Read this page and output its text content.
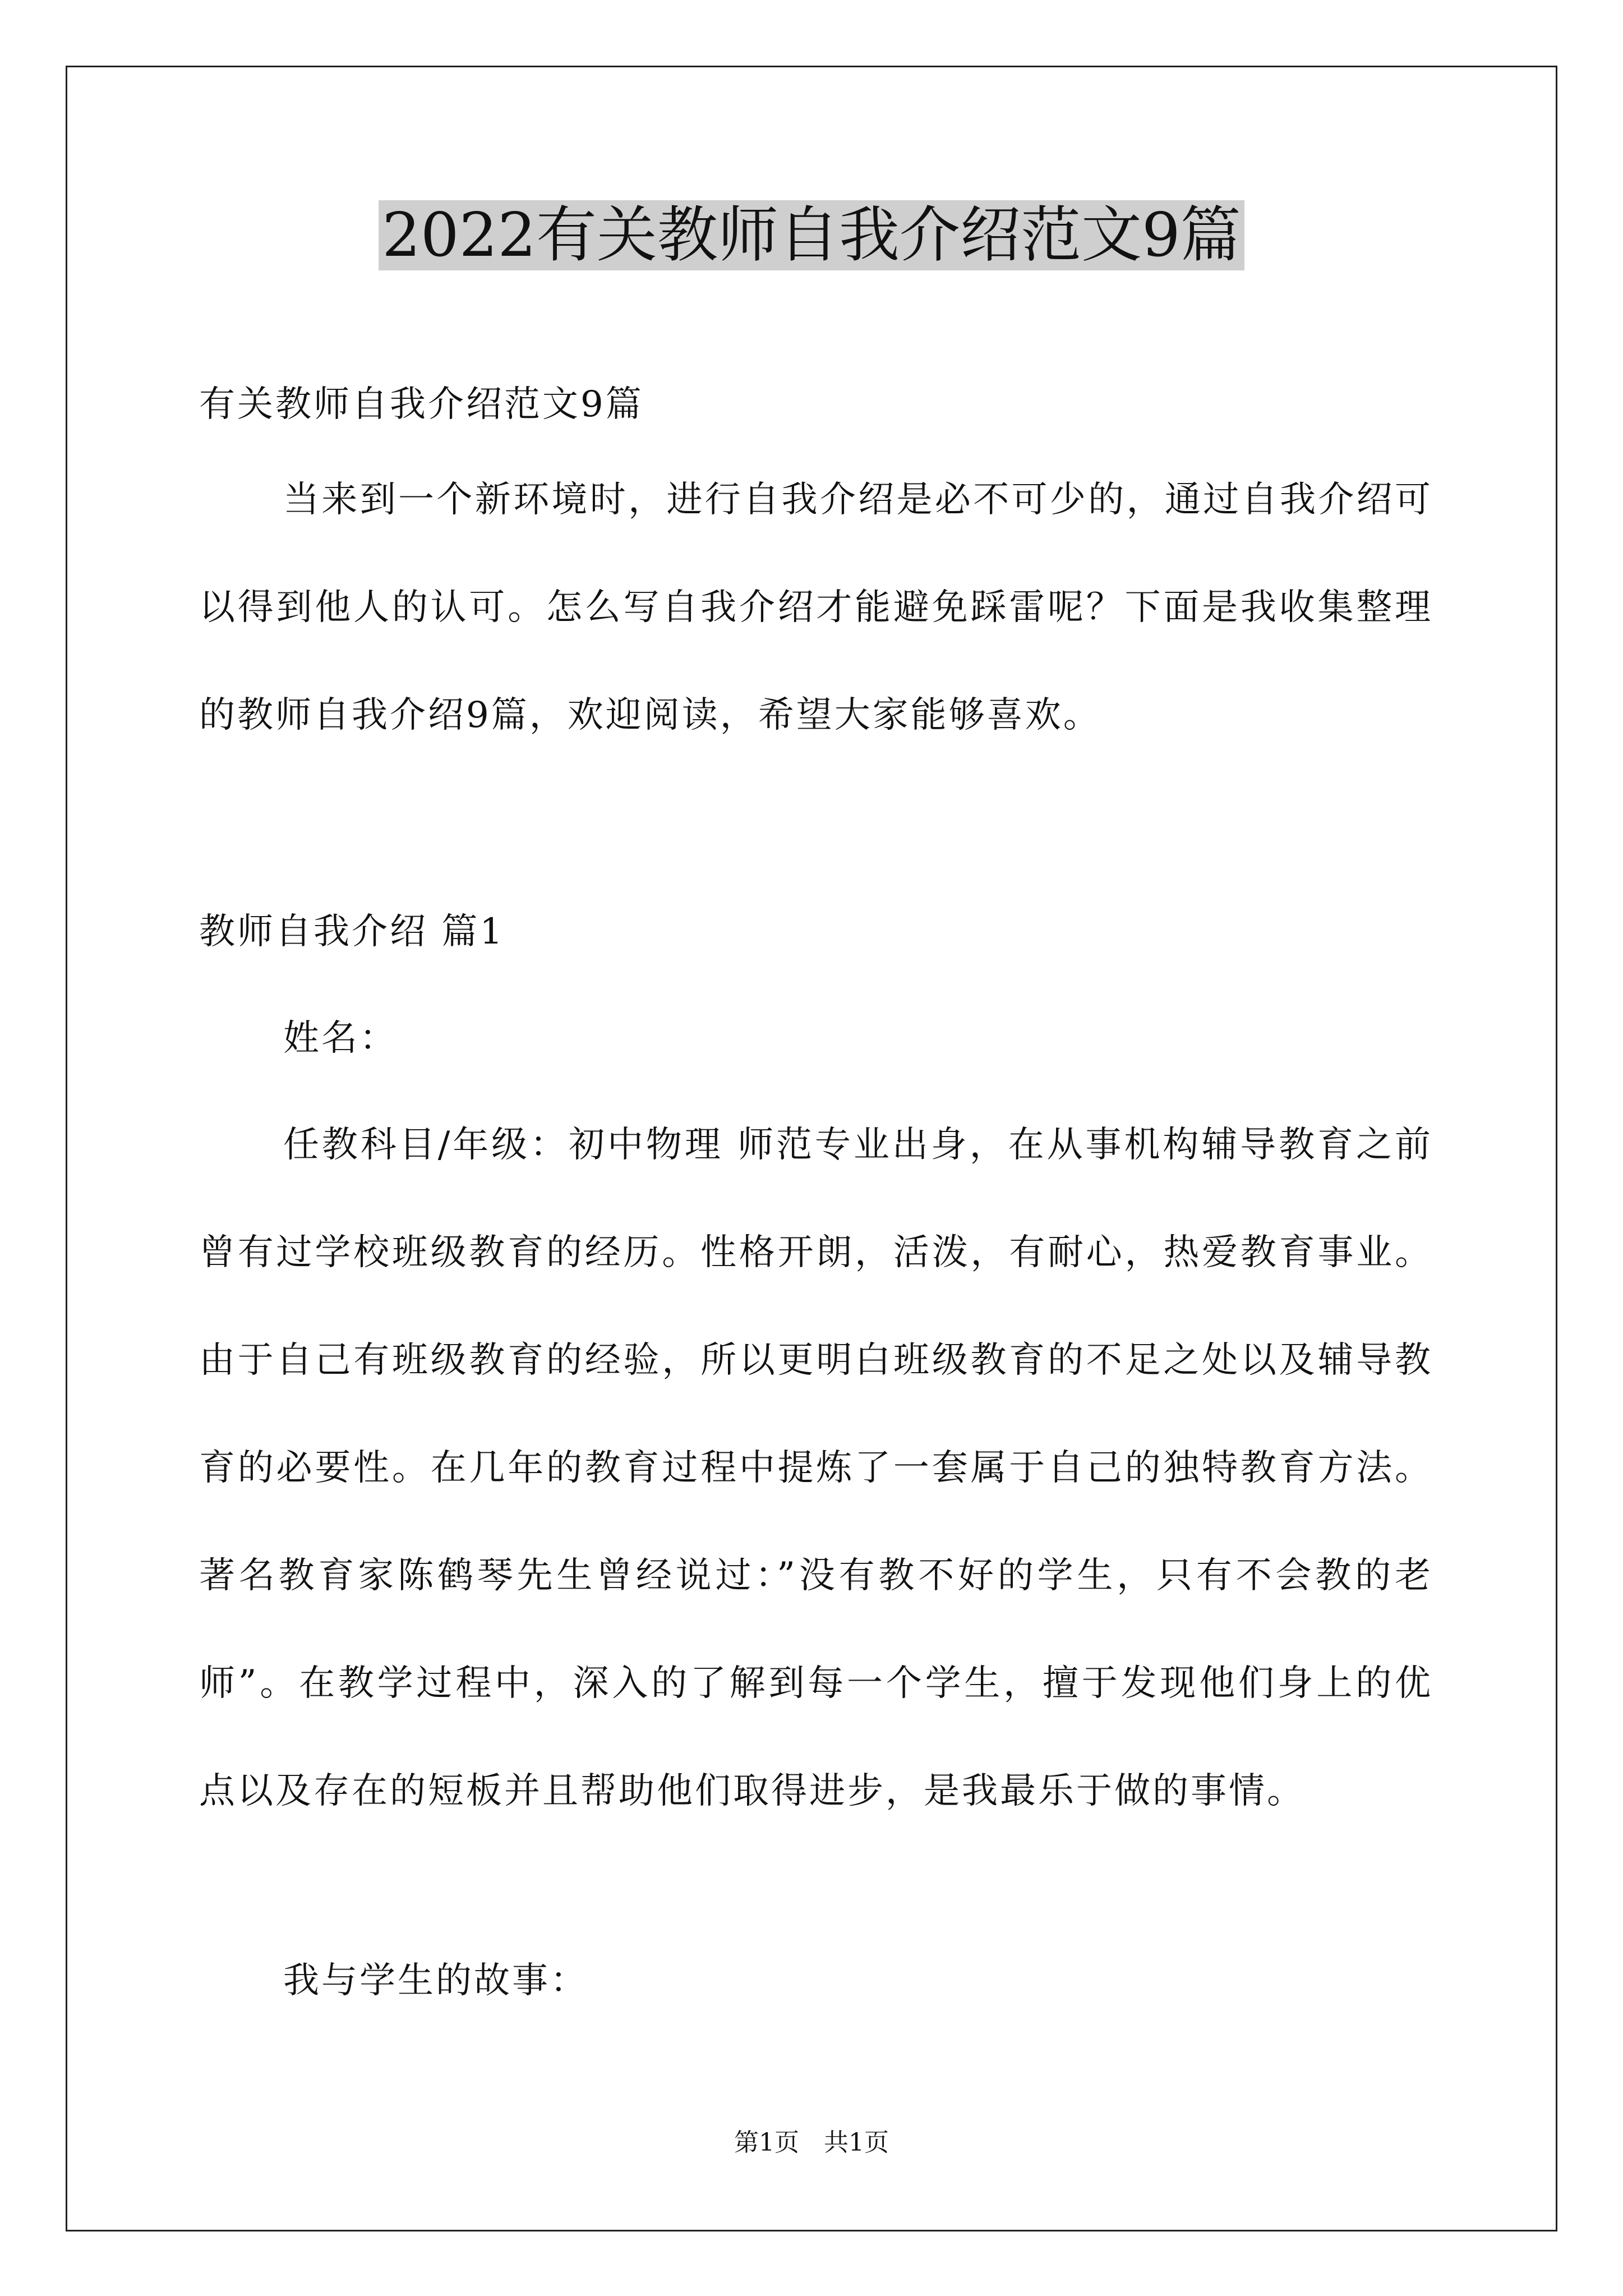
2022有关教师自我介绍范文9篇

有关教师自我介绍范文9篇

当来到一个新环境时，进行自我介绍是必不可少的，通过自我介绍可以得到他人的认可。怎么写自我介绍才能避免踩雷呢？下面是我收集整理的教师自我介绍9篇，欢迎阅读，希望大家能够喜欢。

教师自我介绍 篇1

姓名：

任教科目/年级：初中物理 师范专业出身，在从事机构辅导教育之前曾有过学校班级教育的经历。性格开朗，活泼，有耐心，热爱教育事业。由于自己有班级教育的经验，所以更明白班级教育的不足之处以及辅导教育的必要性。在几年的教育过程中提炼了一套属于自己的独特教育方法。著名教育家陈鹤琴先生曾经说过：”没有教不好的学生，只有不会教的老师”。在教学过程中，深入的了解到每一个学生，擅于发现他们身上的优点以及存在的短板并且帮助他们取得进步，是我最乐于做的事情。

我与学生的故事：

第1页　共1页
